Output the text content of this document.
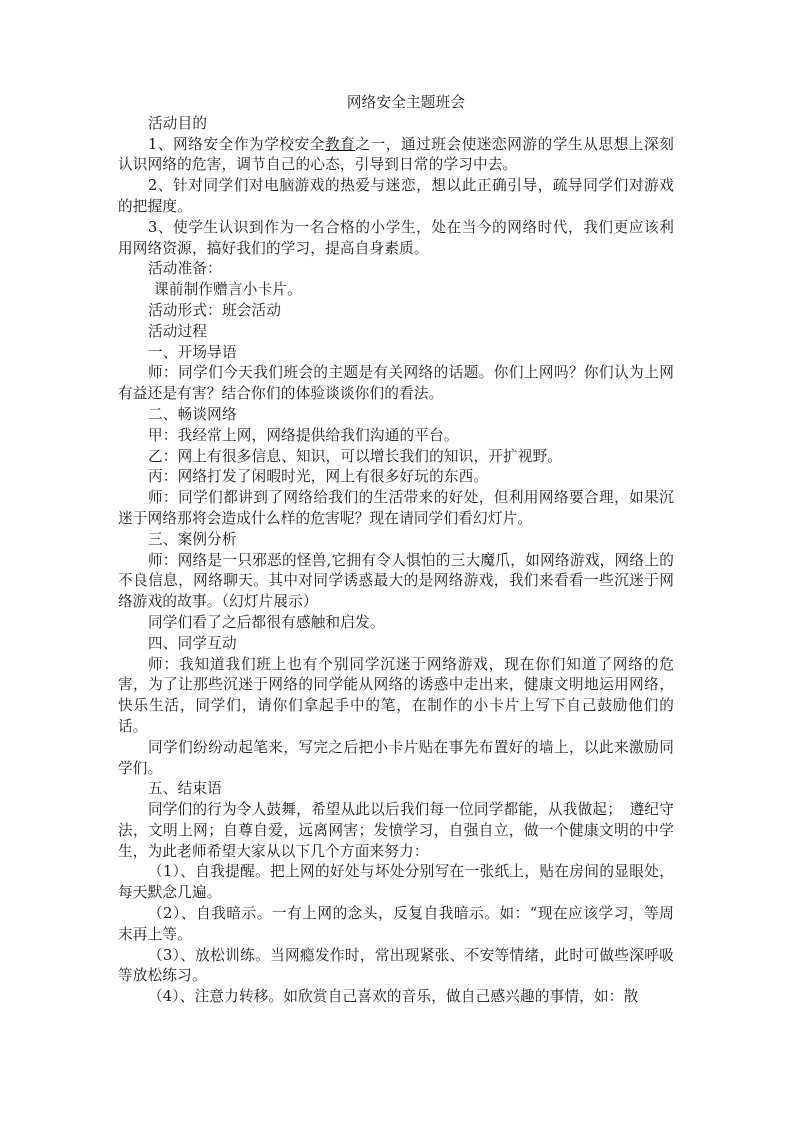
网络安全主题班会

活动目的

1、网络安全作为学校安全教育之一，通过班会使迷恋网游的学生从思想上深刻认识网络的危害，调节自己的心态，引导到日常的学习中去。

2、针对同学们对电脑游戏的热爱与迷恋，想以此正确引导，疏导同学们对游戏的把握度。

3、使学生认识到作为一名合格的小学生，处在当今的网络时代，我们更应该利用网络资源，搞好我们的学习，提高自身素质。

活动准备：

课前制作赠言小卡片。

活动形式：班会活动

活动过程

一、开场导语

师：同学们今天我们班会的主题是有关网络的话题。你们上网吗？你们认为上网有益还是有害？结合你们的体验谈谈你们的看法。

二、畅谈网络

甲：我经常上网，网络提供给我们沟通的平台。

乙：网上有很多信息、知识，可以增长我们的知识，开扩视野。

丙：网络打发了闲暇时光，网上有很多好玩的东西。

师：同学们都讲到了网络给我们的生活带来的好处，但利用网络要合理，如果沉迷于网络那将会造成什么样的危害呢？现在请同学们看幻灯片。

三、案例分析

师：网络是一只邪恶的怪兽,它拥有令人惧怕的三大魔爪，如网络游戏，网络上的不良信息，网络聊天。其中对同学诱惑最大的是网络游戏，我们来看看一些沉迷于网络游戏的故事。（幻灯片展示）

同学们看了之后都很有感触和启发。

四、同学互动

师：我知道我们班上也有个别同学沉迷于网络游戏，现在你们知道了网络的危害，为了让那些沉迷于网络的同学能从网络的诱惑中走出来，健康文明地运用网络，快乐生活，同学们，请你们拿起手中的笔，在制作的小卡片上写下自己鼓励他们的话。

同学们纷纷动起笔来，写完之后把小卡片贴在事先布置好的墙上，以此来激励同学们。

五、结束语

同学们的行为令人鼓舞，希望从此以后我们每一位同学都能，从我做起；　遵纪守法，文明上网；自尊自爱，远离网害；发愤学习，自强自立，做一个健康文明的中学生，为此老师希望大家从以下几个方面来努力：

（1）、自我提醒。把上网的好处与坏处分别写在一张纸上，贴在房间的显眼处，每天默念几遍。

（2）、自我暗示。一有上网的念头，反复自我暗示。如：“现在应该学习，等周末再上等。

（3）、放松训练。当网瘾发作时，常出现紧张、不安等情绪，此时可做些深呼吸等放松练习。

（4）、注意力转移。如欣赏自己喜欢的音乐，做自己感兴趣的事情，如：散
